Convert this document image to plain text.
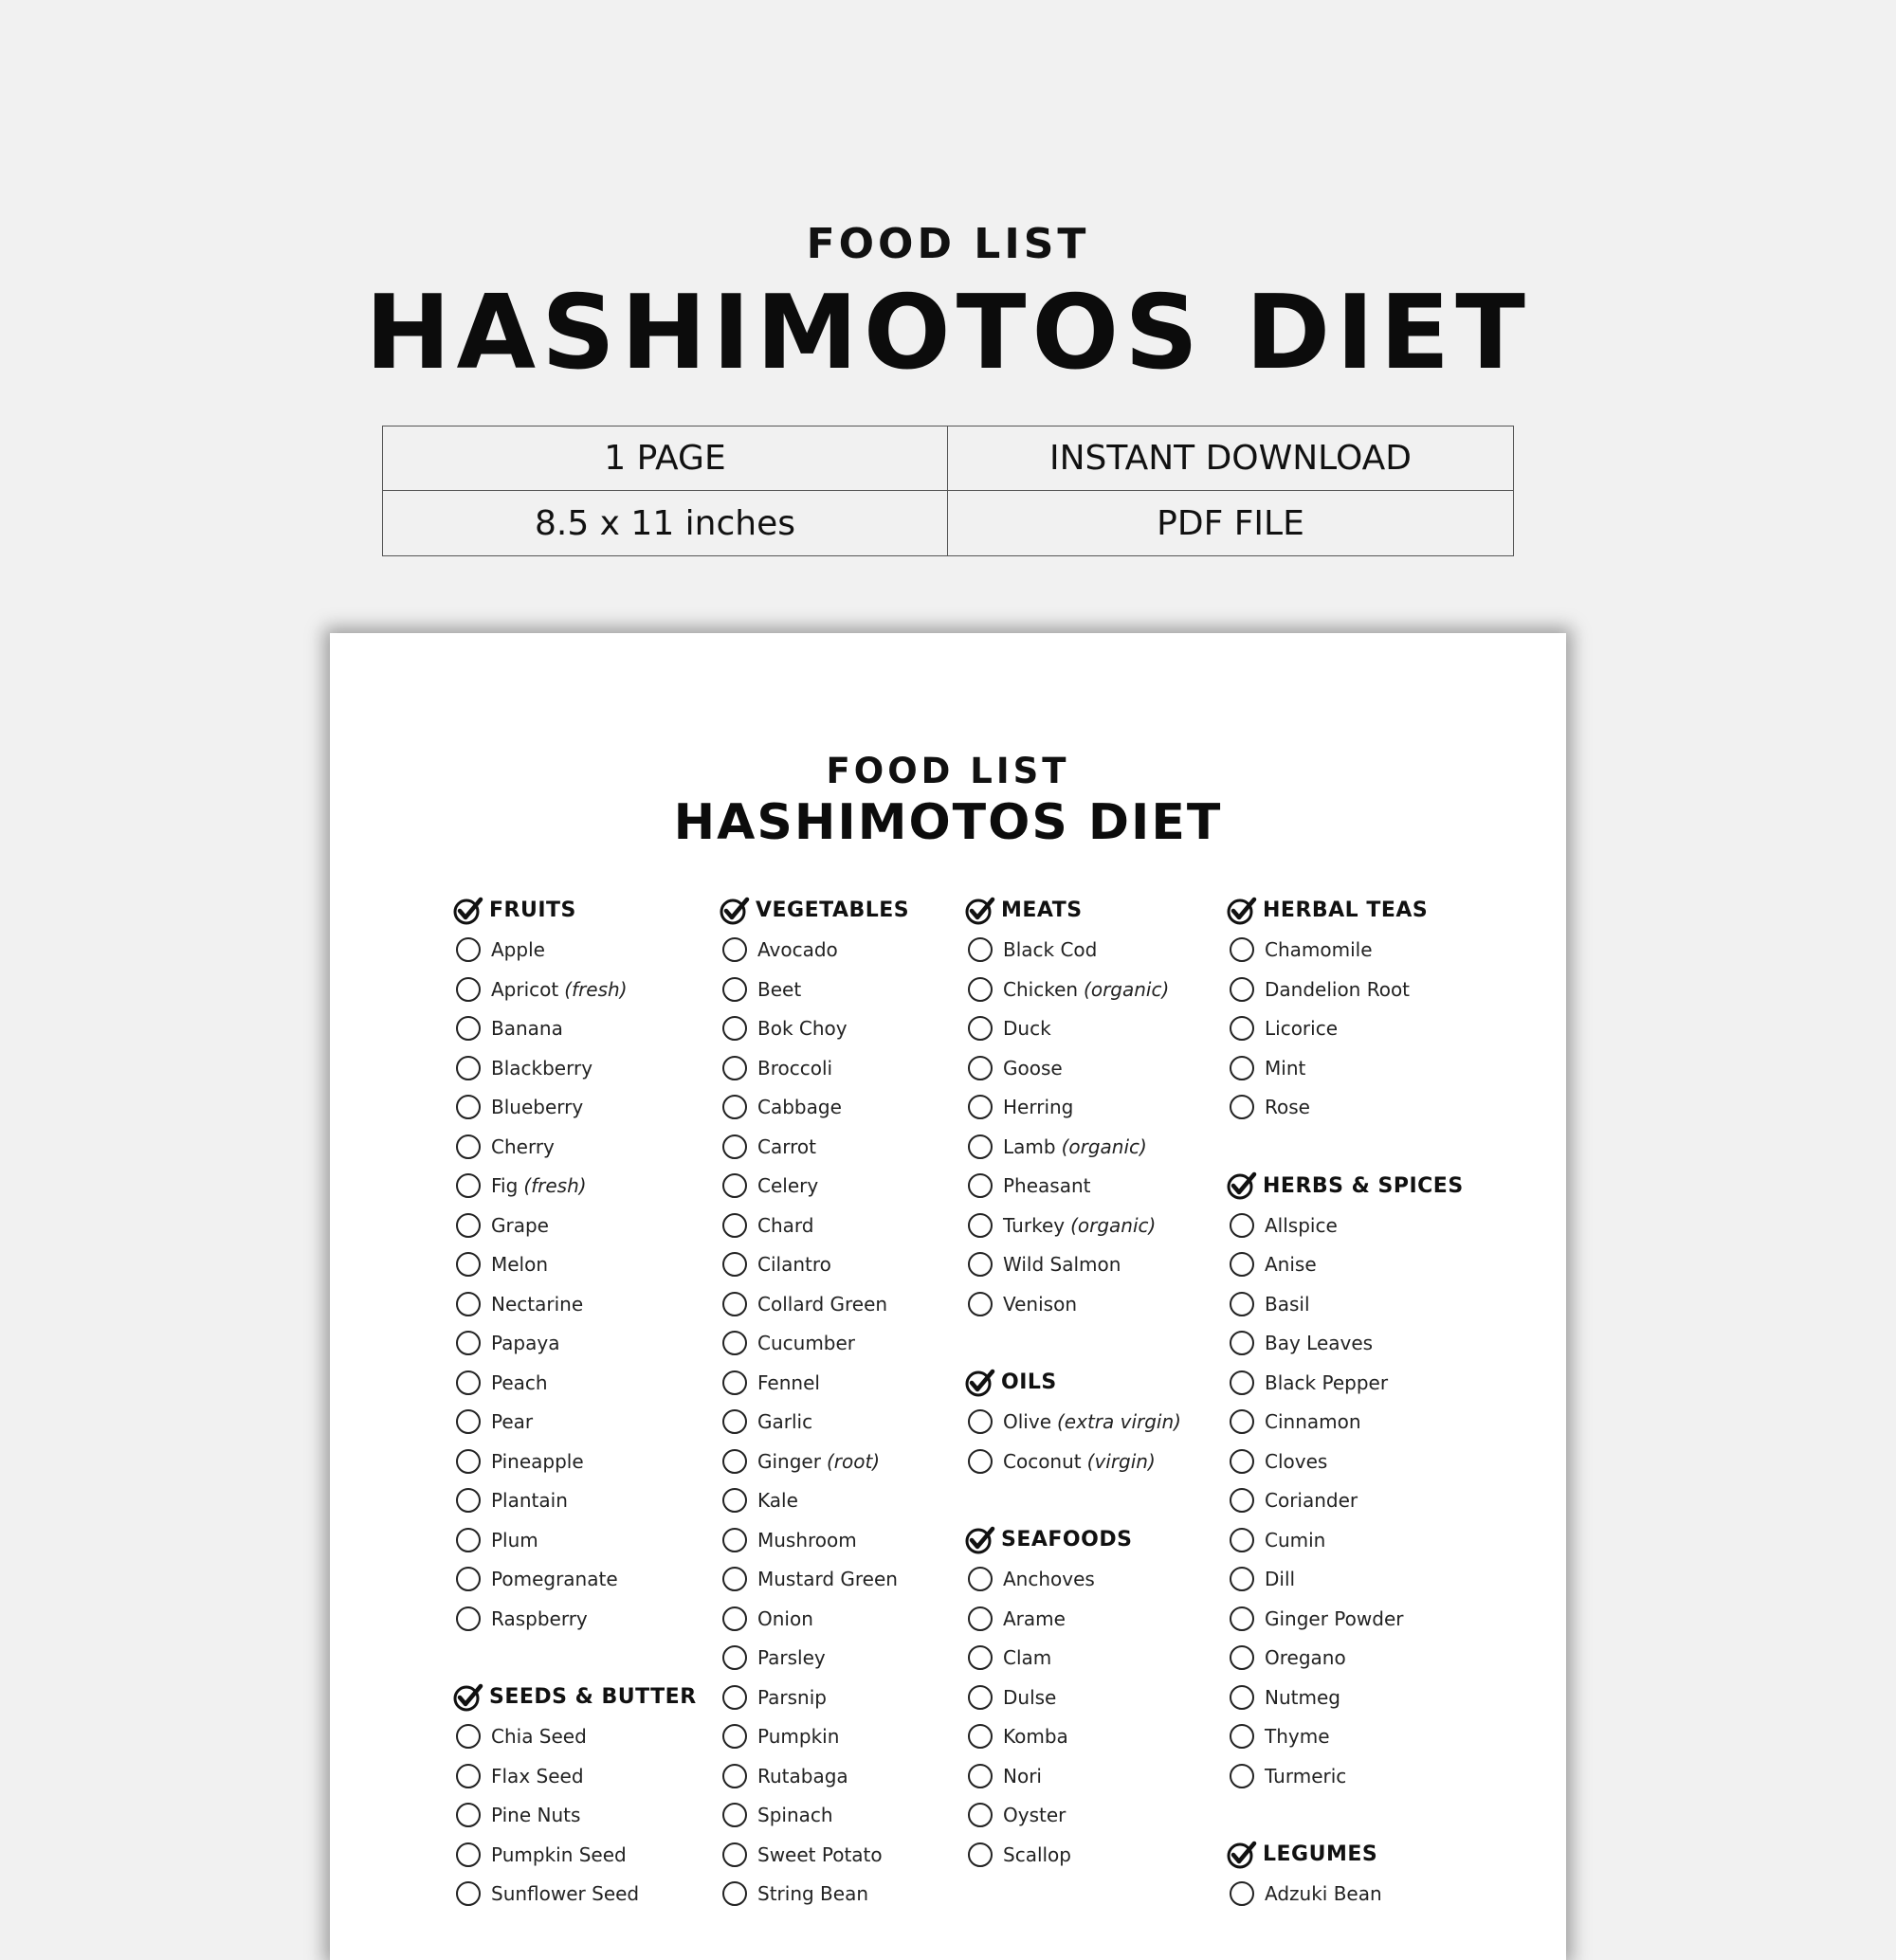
FOOD LIST
HASHIMOTOS DIET
1 PAGE	INSTANT DOWNLOAD
8.5 x 11 inches	PDF FILE
FOOD LIST
HASHIMOTOS DIET
FRUITS
Apple
Apricot (fresh)
Banana
Blackberry
Blueberry
Cherry
Fig (fresh)
Grape
Melon
Nectarine
Papaya
Peach
Pear
Pineapple
Plantain
Plum
Pomegranate
Raspberry
SEEDS & BUTTER
Chia Seed
Flax Seed
Pine Nuts
Pumpkin Seed
Sunflower Seed
VEGETABLES
Avocado
Beet
Bok Choy
Broccoli
Cabbage
Carrot
Celery
Chard
Cilantro
Collard Green
Cucumber
Fennel
Garlic
Ginger (root)
Kale
Mushroom
Mustard Green
Onion
Parsley
Parsnip
Pumpkin
Rutabaga
Spinach
Sweet Potato
String Bean
MEATS
Black Cod
Chicken (organic)
Duck
Goose
Herring
Lamb (organic)
Pheasant
Turkey (organic)
Wild Salmon
Venison
OILS
Olive (extra virgin)
Coconut (virgin)
SEAFOODS
Anchoves
Arame
Clam
Dulse
Komba
Nori
Oyster
Scallop
HERBAL TEAS
Chamomile
Dandelion Root
Licorice
Mint
Rose
HERBS & SPICES
Allspice
Anise
Basil
Bay Leaves
Black Pepper
Cinnamon
Cloves
Coriander
Cumin
Dill
Ginger Powder
Oregano
Nutmeg
Thyme
Turmeric
LEGUMES
Adzuki Bean
